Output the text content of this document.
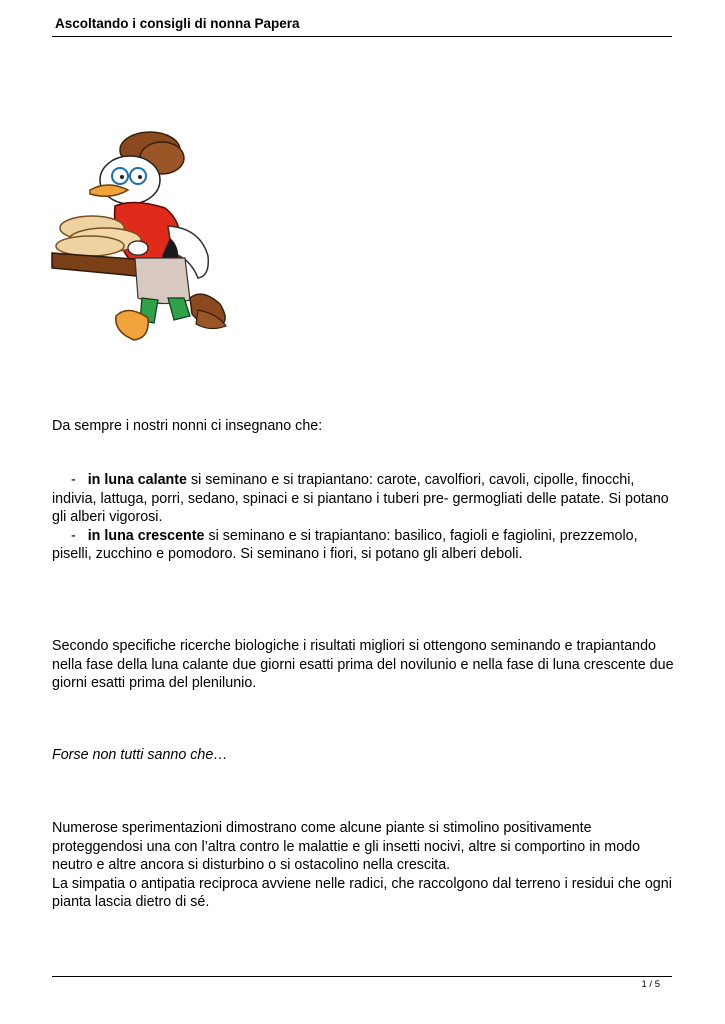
Ascoltando i consigli di nonna Papera
Da sempre i nostri nonni ci insegnano che:
- in luna calante si seminano e si trapiantano: carote, cavolfiori, cavoli, cipolle, finocchi, indivia, lattuga, porri, sedano, spinaci e si piantano i tuberi pre- germogliati delle patate. Si potano gli alberi vigorosi.
- in luna crescente si seminano e si trapiantano: basilico, fagioli e fagiolini, prezzemolo, piselli, zucchino e pomodoro. Si seminano i fiori, si potano gli alberi deboli.
Secondo specifiche ricerche biologiche i risultati migliori si ottengono seminando e trapiantando nella fase della luna calante due giorni esatti prima del novilunio e nella fase di luna crescente due giorni esatti prima del plenilunio.
Forse non tutti sanno che…
Numerose sperimentazioni dimostrano come alcune piante si stimolino positivamente proteggendosi una con l’altra contro le malattie e gli insetti nocivi, altre si comportino in modo neutro e altre ancora si disturbino o si ostacolino nella crescita.
La simpatia o antipatia reciproca avviene nelle radici, che raccolgono dal terreno i residui che ogni pianta lascia dietro di sé.
1 / 5
